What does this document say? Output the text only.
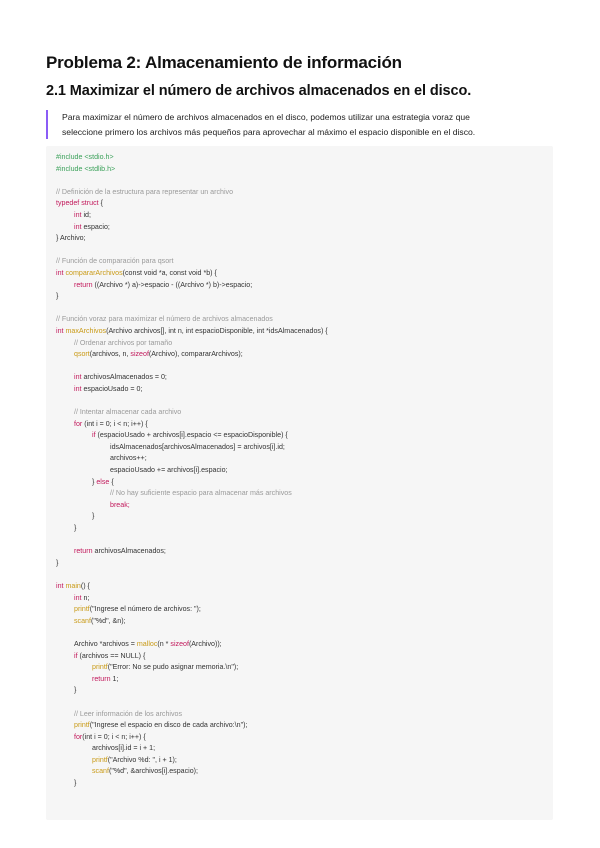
Problema 2: Almacenamiento de información
2.1 Maximizar el número de archivos almacenados en el disco.
Para maximizar el número de archivos almacenados en el disco, podemos utilizar una estrategia voraz que
seleccione primero los archivos más pequeños para aprovechar al máximo el espacio disponible en el disco.
#include <stdio.h>
#include <stdlib.h>
// Definición de la estructura para representar un archivo
typedef struct {
int id;
int espacio;
} Archivo;
// Función de comparación para qsort
int compararArchivos(const void *a, const void *b) {
return ((Archivo *) a)->espacio - ((Archivo *) b)->espacio;
}
// Función voraz para maximizar el número de archivos almacenados
int maxArchivos(Archivo archivos[], int n, int espacioDisponible, int *idsAlmacenados) {
// Ordenar archivos por tamaño
qsort(archivos, n, sizeof(Archivo), compararArchivos);
int archivosAlmacenados = 0;
int espacioUsado = 0;
// Intentar almacenar cada archivo
for (int i = 0; i < n; i++) {
if (espacioUsado + archivos[i].espacio <= espacioDisponible) {
idsAlmacenados[archivosAlmacenados] = archivos[i].id;
archivos++;
espacioUsado += archivos[i].espacio;
} else {
// No hay suficiente espacio para almacenar más archivos
break;
}
}
return archivosAlmacenados;
}
int main() {
int n;
printf("Ingrese el número de archivos: ");
scanf("%d", &n);
Archivo *archivos = malloc(n * sizeof(Archivo));
if (archivos == NULL) {
printf("Error: No se pudo asignar memoria.\n");
return 1;
}
// Leer información de los archivos
printf("Ingrese el espacio en disco de cada archivo:\n");
for(int i = 0; i < n; i++) {
archivos[i].id = i + 1;
printf("Archivo %d: ", i + 1);
scanf("%d", &archivos[i].espacio);
}
